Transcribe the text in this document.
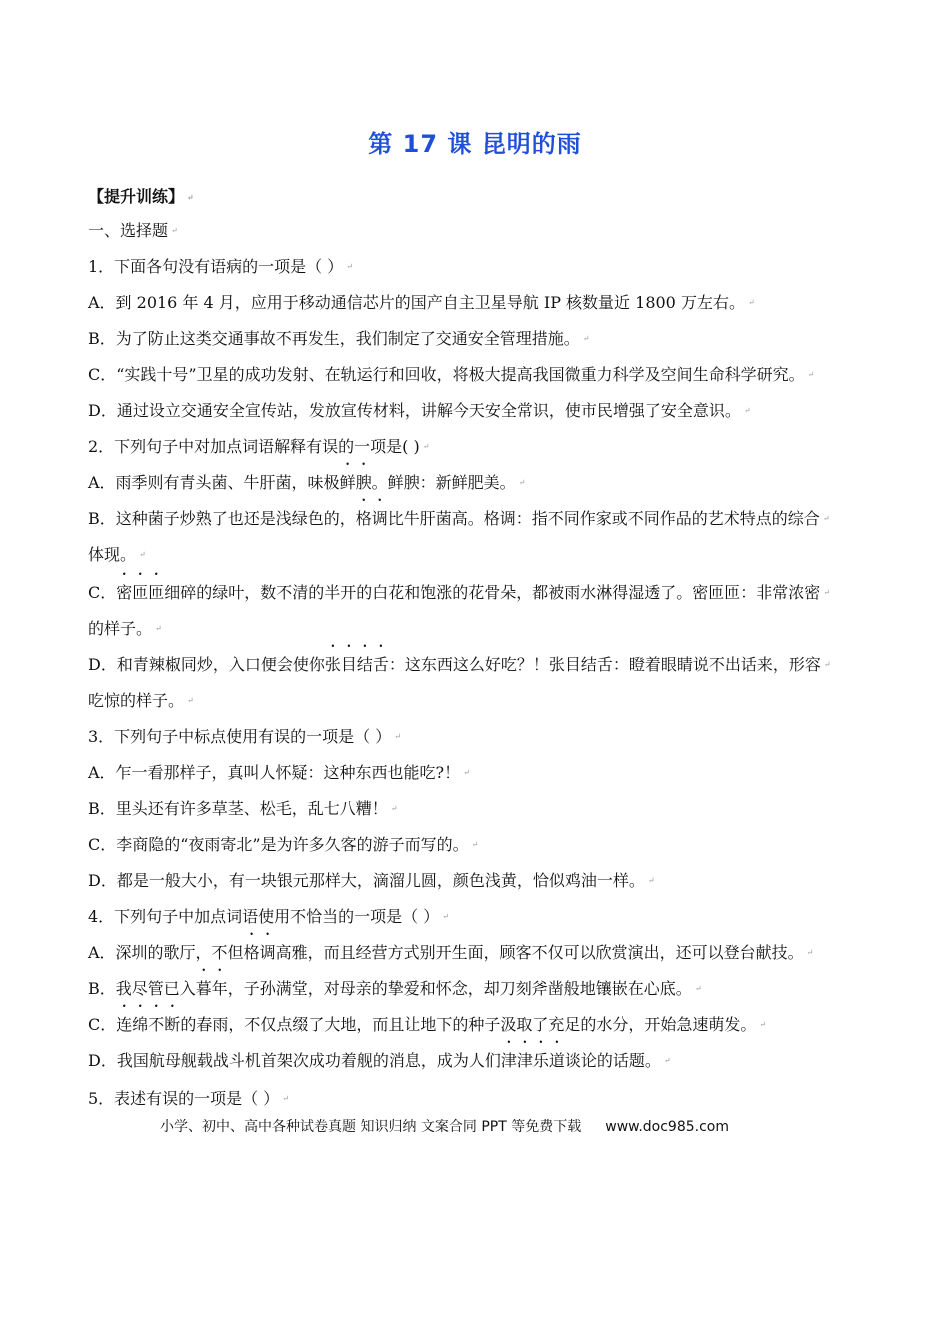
第 17 课 昆明的雨
【提升训练】 ↵
一、选择题 ↵
1．下面各句没有语病的一项是（ ） ↵
A．到 2016 年 4 月，应用于移动通信芯片的国产自主卫星导航 IP 核数量近 1800 万左右。 ↵
B．为了防止这类交通事故不再发生，我们制定了交通安全管理措施。 ↵
C．“实践十号”卫星的成功发射、在轨运行和回收，将极大提高我国微重力科学及空间生命科学研究。 ↵
D．通过设立交通安全宣传站，发放宣传材料，讲解今天安全常识，使市民增强了安全意识。 ↵
2．下列句子中对加点词语解释有误的一项是( ) ↵
A．雨季则有青头菌、牛肝菌，味极鲜腴。鲜腴：新鲜肥美。 ↵
B．这种菌子炒熟了也还是浅绿色的，格调比牛肝菌高。格调：指不同作家或不同作品的艺术特点的综合 ↵
体现。 ↵
C．密匝匝细碎的绿叶，数不清的半开的白花和饱涨的花骨朵，都被雨水淋得湿透了。密匝匝：非常浓密 ↵
的样子。 ↵
D．和青辣椒同炒，入口便会使你张目结舌：这东西这么好吃？！张目结舌：瞪着眼睛说不出话来，形容 ↵
吃惊的样子。 ↵
3．下列句子中标点使用有误的一项是（ ） ↵
A．乍一看那样子，真叫人怀疑：这种东西也能吃?！ ↵
B．里头还有许多草茎、松毛，乱七八糟！ ↵
C．李商隐的“夜雨寄北”是为许多久客的游子而写的。 ↵
D．都是一般大小，有一块银元那样大，滴溜儿圆，颜色浅黄，恰似鸡油一样。 ↵
4．下列句子中加点词语使用不恰当的一项是（ ） ↵
A．深圳的歌厅，不但格调高雅，而且经营方式别开生面，顾客不仅可以欣赏演出，还可以登台献技。 ↵
B．我尽管已入暮年，子孙满堂，对母亲的挚爱和怀念，却刀刻斧凿般地镶嵌在心底。 ↵
C．连绵不断的春雨，不仅点缀了大地，而且让地下的种子汲取了充足的水分，开始急速萌发。 ↵
D．我国航母舰载战斗机首架次成功着舰的消息，成为人们津津乐道谈论的话题。 ↵
5．表述有误的一项是（ ） ↵
小学、初中、高中各种试卷真题 知识归纳 文案合同 PPT 等免费下载 www.doc985.com
